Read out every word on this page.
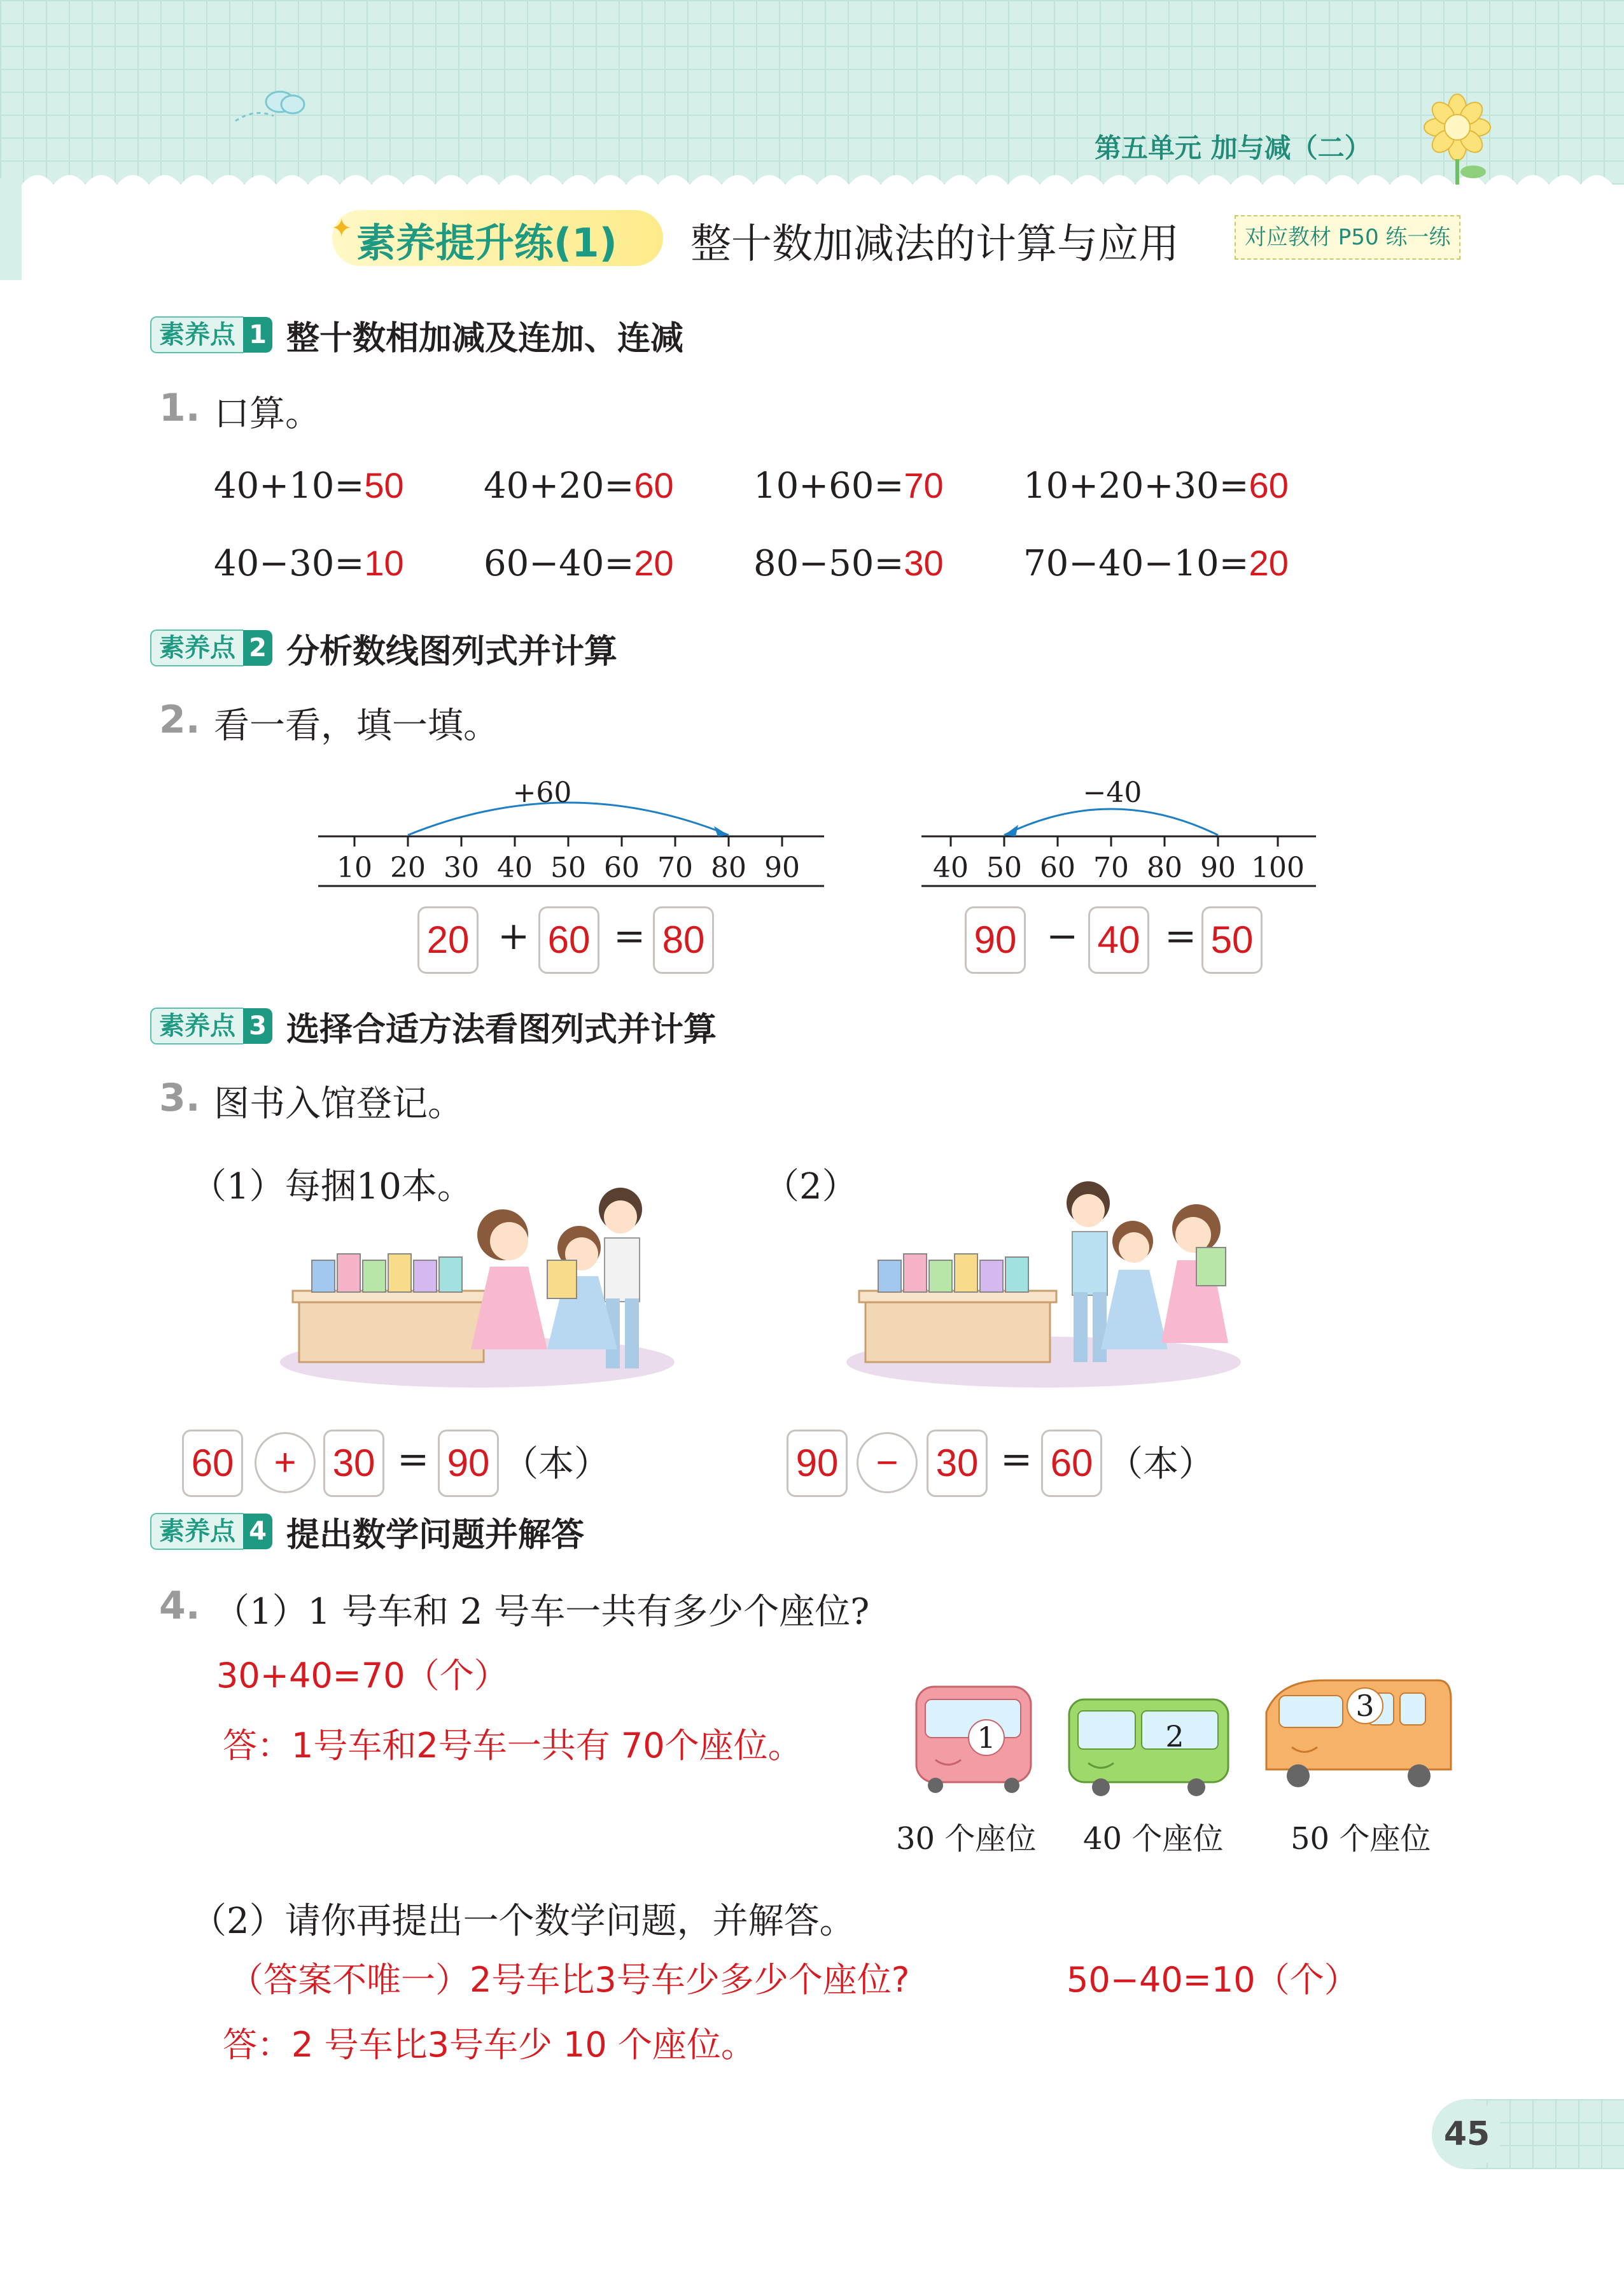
第五单元 加与减（二）
✦ 素养提升练(1) 整十数加减法的计算与应用	对应教材 P50 练一练
素养点 1 整十数相加减及连加、连减
1. 口算。
40+10=50 40+20=60 10+60=70 10+20+30=60
40−30=10 60−40=20 80−50=30 70−40−10=20
素养点 2 分析数线图列式并计算
2. 看一看，填一填。
10 20 30 40 50 60 70 80 90
+60
40 50 60 70 80 90 100
−40
20 + 60 = 80	90 − 40 = 50
素养点 3 选择合适方法看图列式并计算
3. 图书入馆登记。
（1）每捆10本。	（2）
60	+ 30 = 90 （本）	90 − 30 = 60 （本）
素养点 4 提出数学问题并解答
4. （1）1 号车和 2 号车一共有多少个座位?
30+40=70（个）
答：1号车和2号车一共有 70个座位。	1	2
3
30 个座位 40 个座位 50 个座位
（2）请你再提出一个数学问题，并解答。
（答案不唯一）2号车比3号车少多少个座位?	50−40=10（个）
答：2 号车比3号车少 10 个座位。
45
